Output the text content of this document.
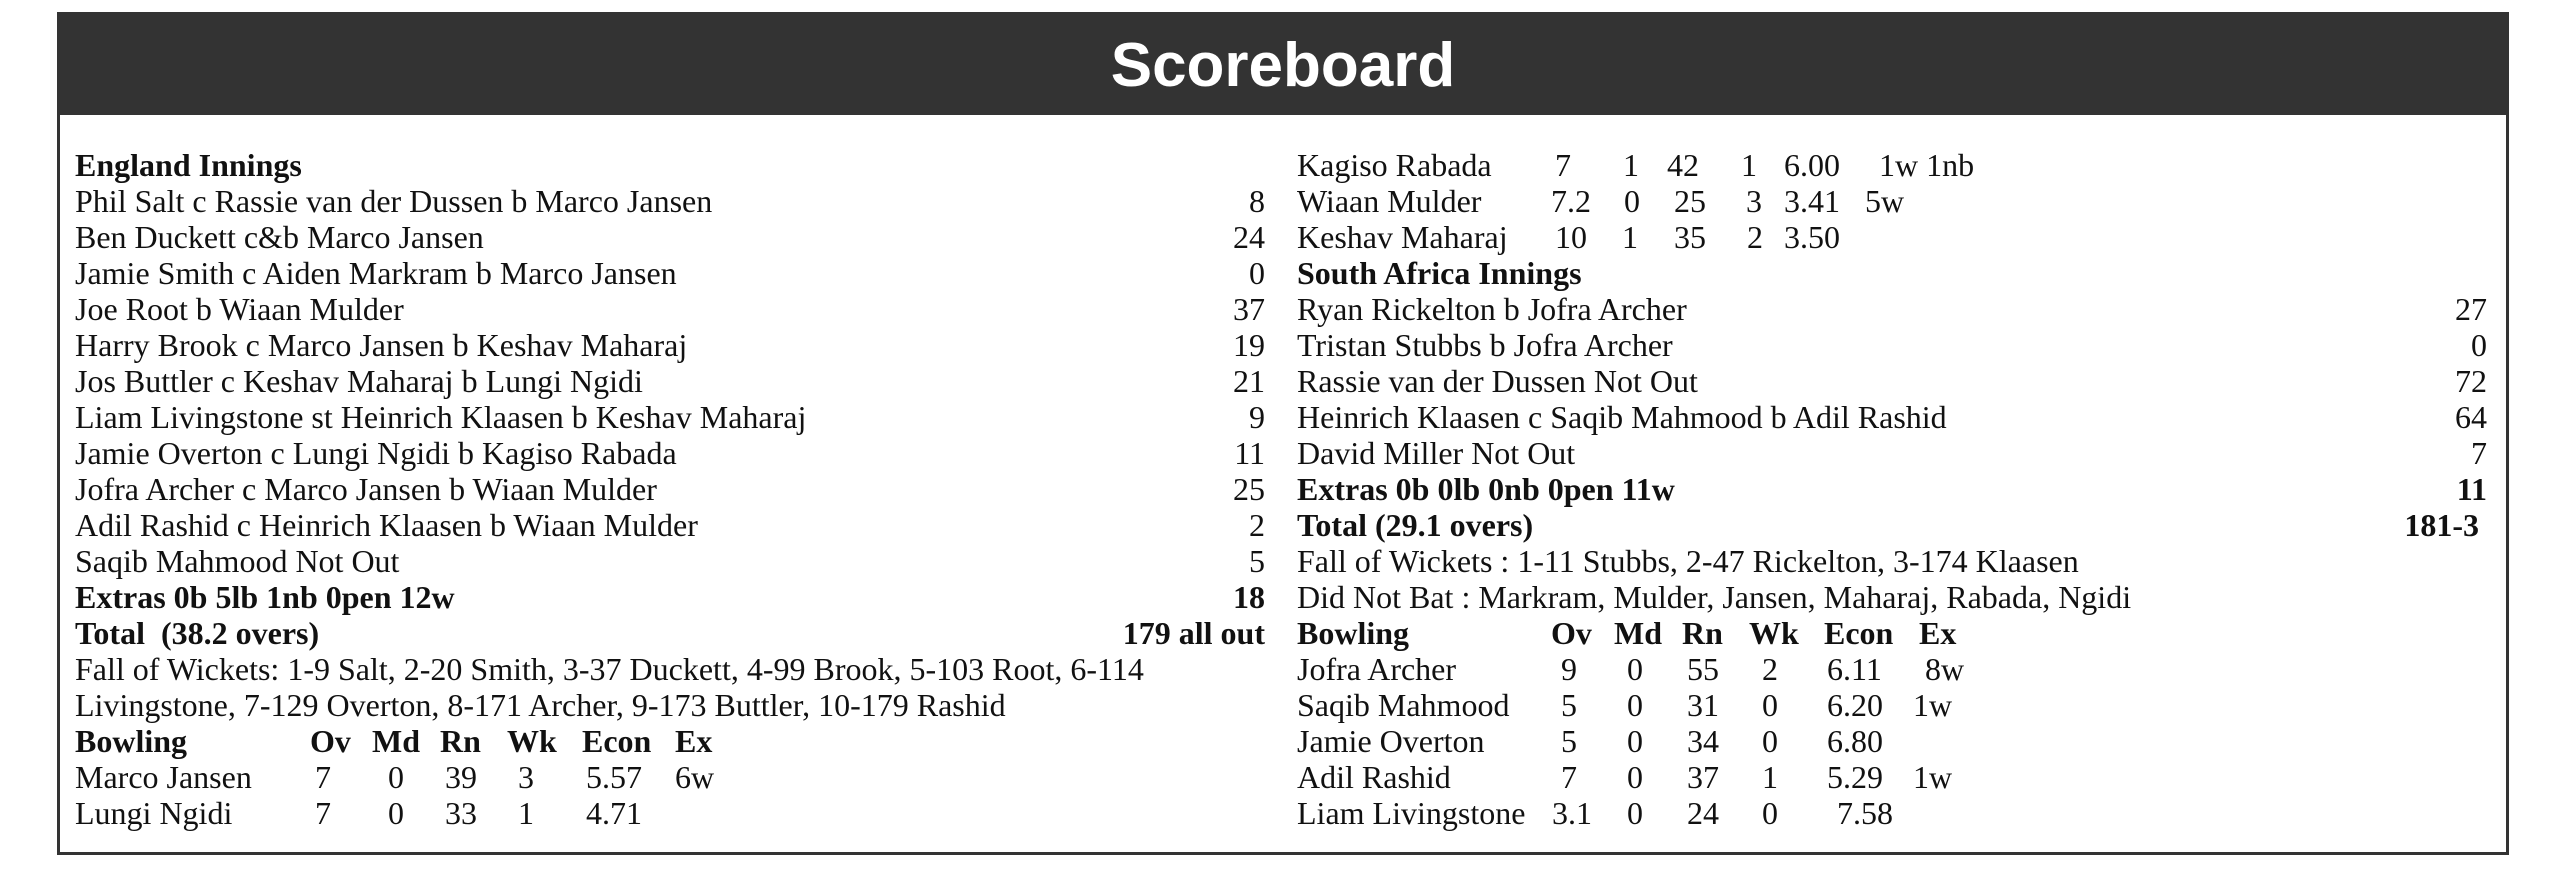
Scoreboard
England Innings
Phil Salt c Rassie van der Dussen b Marco Jansen	8
Ben Duckett c&b Marco Jansen	24
Jamie Smith c Aiden Markram b Marco Jansen	0
Joe Root b Wiaan Mulder	37
Harry Brook c Marco Jansen b Keshav Maharaj	19
Jos Buttler c Keshav Maharaj b Lungi Ngidi	21
Liam Livingstone st Heinrich Klaasen b Keshav Maharaj	9
Jamie Overton c Lungi Ngidi b Kagiso Rabada	11
Jofra Archer c Marco Jansen b Wiaan Mulder	25
Adil Rashid c Heinrich Klaasen b Wiaan Mulder	2
Saqib Mahmood Not Out	5
Extras 0b 5lb 1nb 0pen 12w	18
Total  (38.2 overs)	179 all out
Fall of Wickets: 1-9 Salt, 2-20 Smith, 3-37 Duckett, 4-99 Brook, 5-103 Root, 6-114
Livingstone, 7-129 Overton, 8-171 Archer, 9-173 Buttler, 10-179 Rashid
Bowling	Ov Md Rn Wk Econ Ex
Marco Jansen 7 0 39 3 5.57 6w
Lungi Ngidi	7 0 33 1 4.71
Kagiso Rabada 7 1 42 1 6.00 1w 1nb
Wiaan Mulder 7.2 0 25 3 3.41 5w
Keshav Maharaj 10 1 35 2 3.50
South Africa Innings
Ryan Rickelton b Jofra Archer	27
Tristan Stubbs b Jofra Archer	0
Rassie van der Dussen Not Out	72
Heinrich Klaasen c Saqib Mahmood b Adil Rashid	64
David Miller Not Out	7
Extras 0b 0lb 0nb 0pen 11w	11
Total (29.1 overs)	181-3
Fall of Wickets : 1-11 Stubbs, 2-47 Rickelton, 3-174 Klaasen
Did Not Bat : Markram, Mulder, Jansen, Maharaj, Rabada, Ngidi
Bowling	Ov Md Rn Wk Econ Ex
Jofra Archer	9 0 55 2 6.11 8w
Saqib Mahmood 5 0 31 0 6.20 1w
Jamie Overton 5 0 34 0 6.80
Adil Rashid	7 0 37 1 5.29 1w
Liam Livingstone 3.1 0 24 0 7.58
